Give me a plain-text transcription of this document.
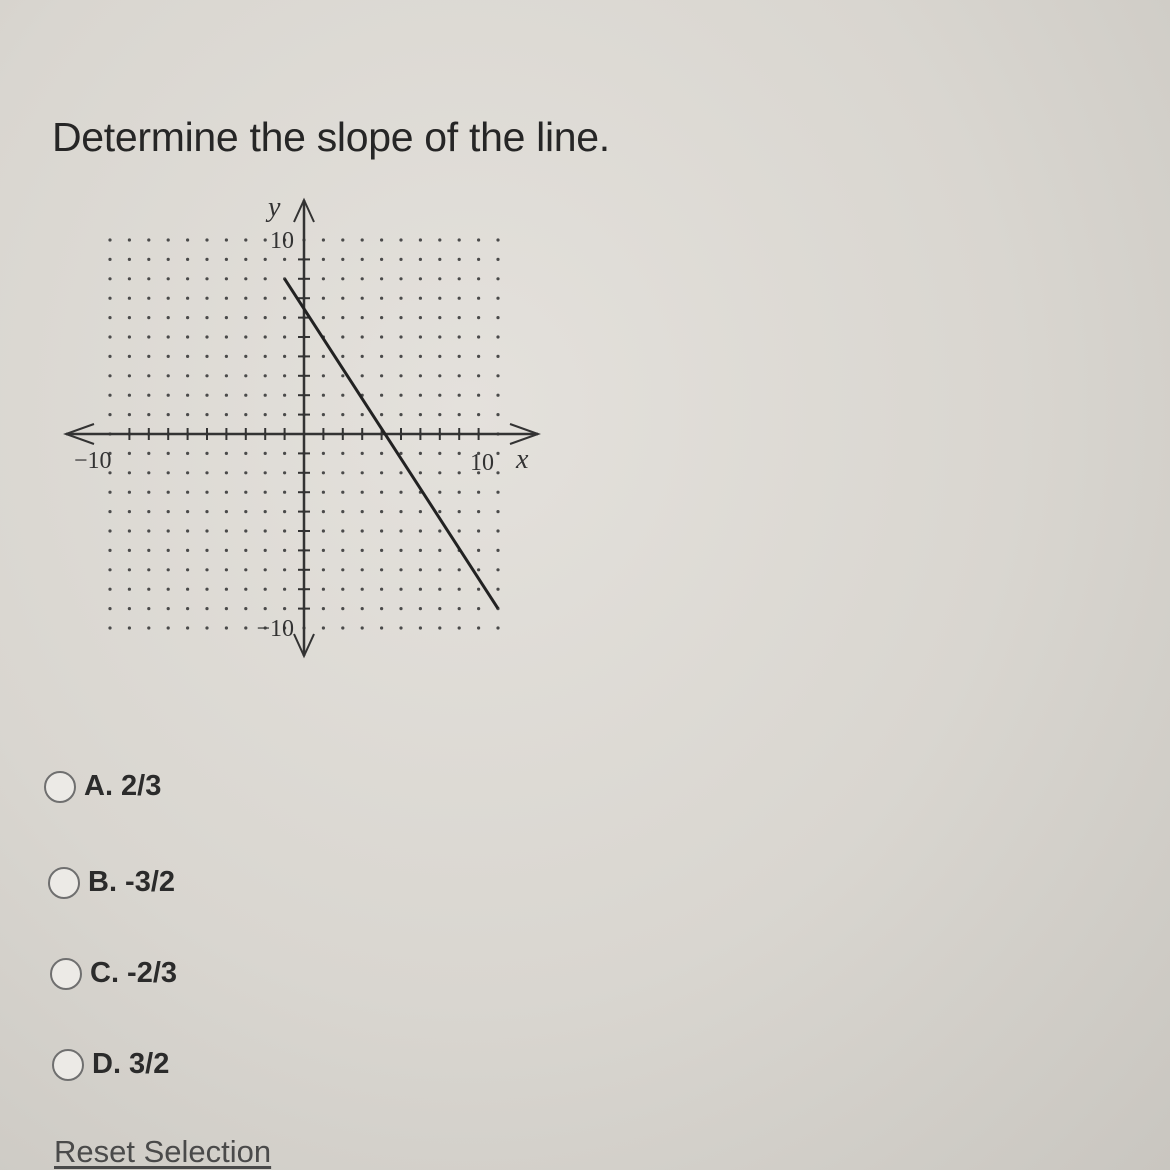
Determine the slope of the line.
y
x
10
−10
−10	10
A. 2/3
B. -3/2
C. -2/3
D. 3/2
Reset Selection
